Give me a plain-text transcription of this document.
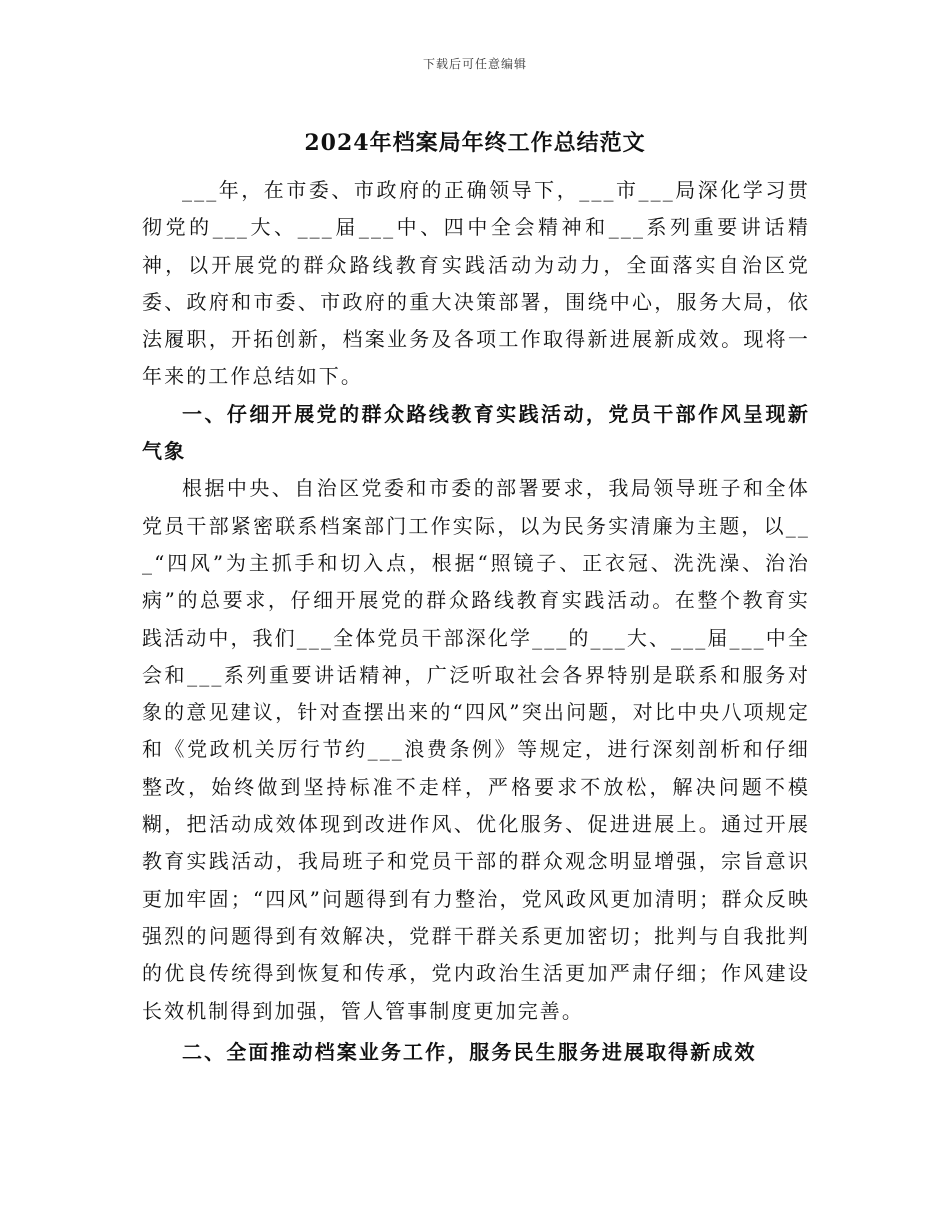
下载后可任意编辑
2024年档案局年终工作总结范文

___年，在市委、市政府的正确领导下，___市___局深化学习贯彻党的___大、___届___中、四中全会精神和___系列重要讲话精神，以开展党的群众路线教育实践活动为动力，全面落实自治区党委、政府和市委、市政府的重大决策部署，围绕中心，服务大局，依法履职，开拓创新，档案业务及各项工作取得新进展新成效。现将一年来的工作总结如下。

一、仔细开展党的群众路线教育实践活动，党员干部作风呈现新气象

根据中央、自治区党委和市委的部署要求，我局领导班子和全体党员干部紧密联系档案部门工作实际，以为民务实清廉为主题，以___“四风”为主抓手和切入点，根据“照镜子、正衣冠、洗洗澡、治治病”的总要求，仔细开展党的群众路线教育实践活动。在整个教育实践活动中，我们___全体党员干部深化学___的___大、___届___中全会和___系列重要讲话精神，广泛听取社会各界特别是联系和服务对象的意见建议，针对查摆出来的“四风”突出问题，对比中央八项规定和《党政机关厉行节约___浪费条例》等规定，进行深刻剖析和仔细整改，始终做到坚持标准不走样，严格要求不放松，解决问题不模糊，把活动成效体现到改进作风、优化服务、促进进展上。通过开展教育实践活动，我局班子和党员干部的群众观念明显增强，宗旨意识更加牢固；“四风”问题得到有力整治，党风政风更加清明；群众反映强烈的问题得到有效解决，党群干群关系更加密切；批判与自我批判的优良传统得到恢复和传承，党内政治生活更加严肃仔细；作风建设长效机制得到加强，管人管事制度更加完善。

二、全面推动档案业务工作，服务民生服务进展取得新成效
